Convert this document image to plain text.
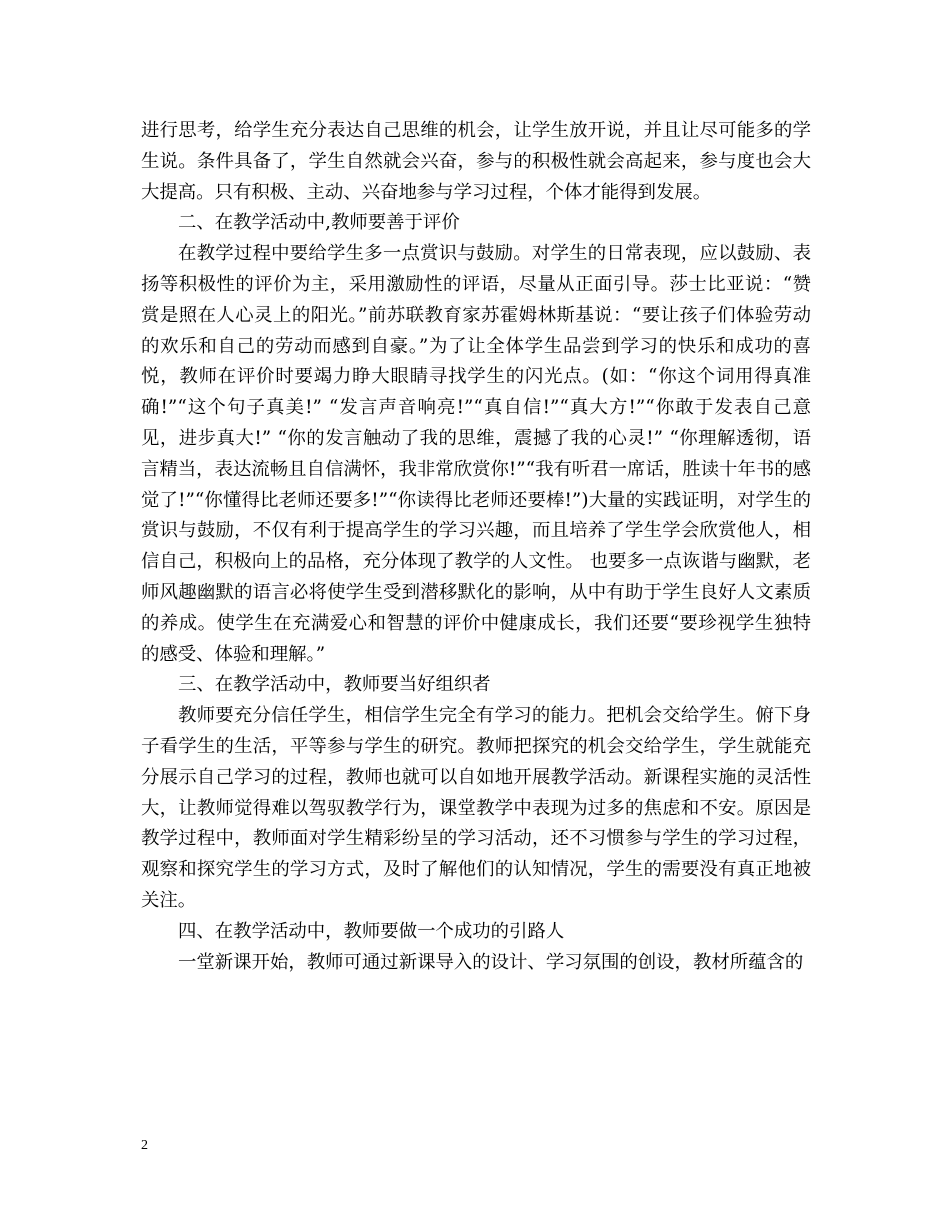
进行思考，给学生充分表达自己思维的机会，让学生放开说，并且让尽可能多的学生说。条件具备了，学生自然就会兴奋，参与的积极性就会高起来，参与度也会大大提高。只有积极、主动、兴奋地参与学习过程，个体才能得到发展。

二、在教学活动中,教师要善于评价

在教学过程中要给学生多一点赏识与鼓励。对学生的日常表现，应以鼓励、表扬等积极性的评价为主，采用激励性的评语，尽量从正面引导。莎士比亚说：“赞赏是照在人心灵上的阳光。”前苏联教育家苏霍姆林斯基说：“要让孩子们体验劳动的欢乐和自己的劳动而感到自豪。”为了让全体学生品尝到学习的快乐和成功的喜悦，教师在评价时要竭力睁大眼睛寻找学生的闪光点。(如：“你这个词用得真准确!”“这个句子真美!” “发言声音响亮!”“真自信!”“真大方!”“你敢于发表自己意见，进步真大!” “你的发言触动了我的思维，震撼了我的心灵!” “你理解透彻，语言精当，表达流畅且自信满怀，我非常欣赏你!”“我有听君一席话，胜读十年书的感觉了!”“你懂得比老师还要多!”“你读得比老师还要棒!”)大量的实践证明，对学生的赏识与鼓励，不仅有利于提高学生的学习兴趣，而且培养了学生学会欣赏他人，相信自己，积极向上的品格，充分体现了教学的人文性。 也要多一点诙谐与幽默，老师风趣幽默的语言必将使学生受到潜移默化的影响，从中有助于学生良好人文素质的养成。使学生在充满爱心和智慧的评价中健康成长，我们还要“要珍视学生独特的感受、体验和理解。”

三、在教学活动中，教师要当好组织者

教师要充分信任学生，相信学生完全有学习的能力。把机会交给学生。俯下身子看学生的生活，平等参与学生的研究。教师把探究的机会交给学生，学生就能充分展示自己学习的过程，教师也就可以自如地开展教学活动。新课程实施的灵活性大，让教师觉得难以驾驭教学行为，课堂教学中表现为过多的焦虑和不安。原因是教学过程中，教师面对学生精彩纷呈的学习活动，还不习惯参与学生的学习过程，观察和探究学生的学习方式，及时了解他们的认知情况，学生的需要没有真正地被关注。

四、在教学活动中，教师要做一个成功的引路人

一堂新课开始，教师可通过新课导入的设计、学习氛围的创设，教材所蕴含的

2
